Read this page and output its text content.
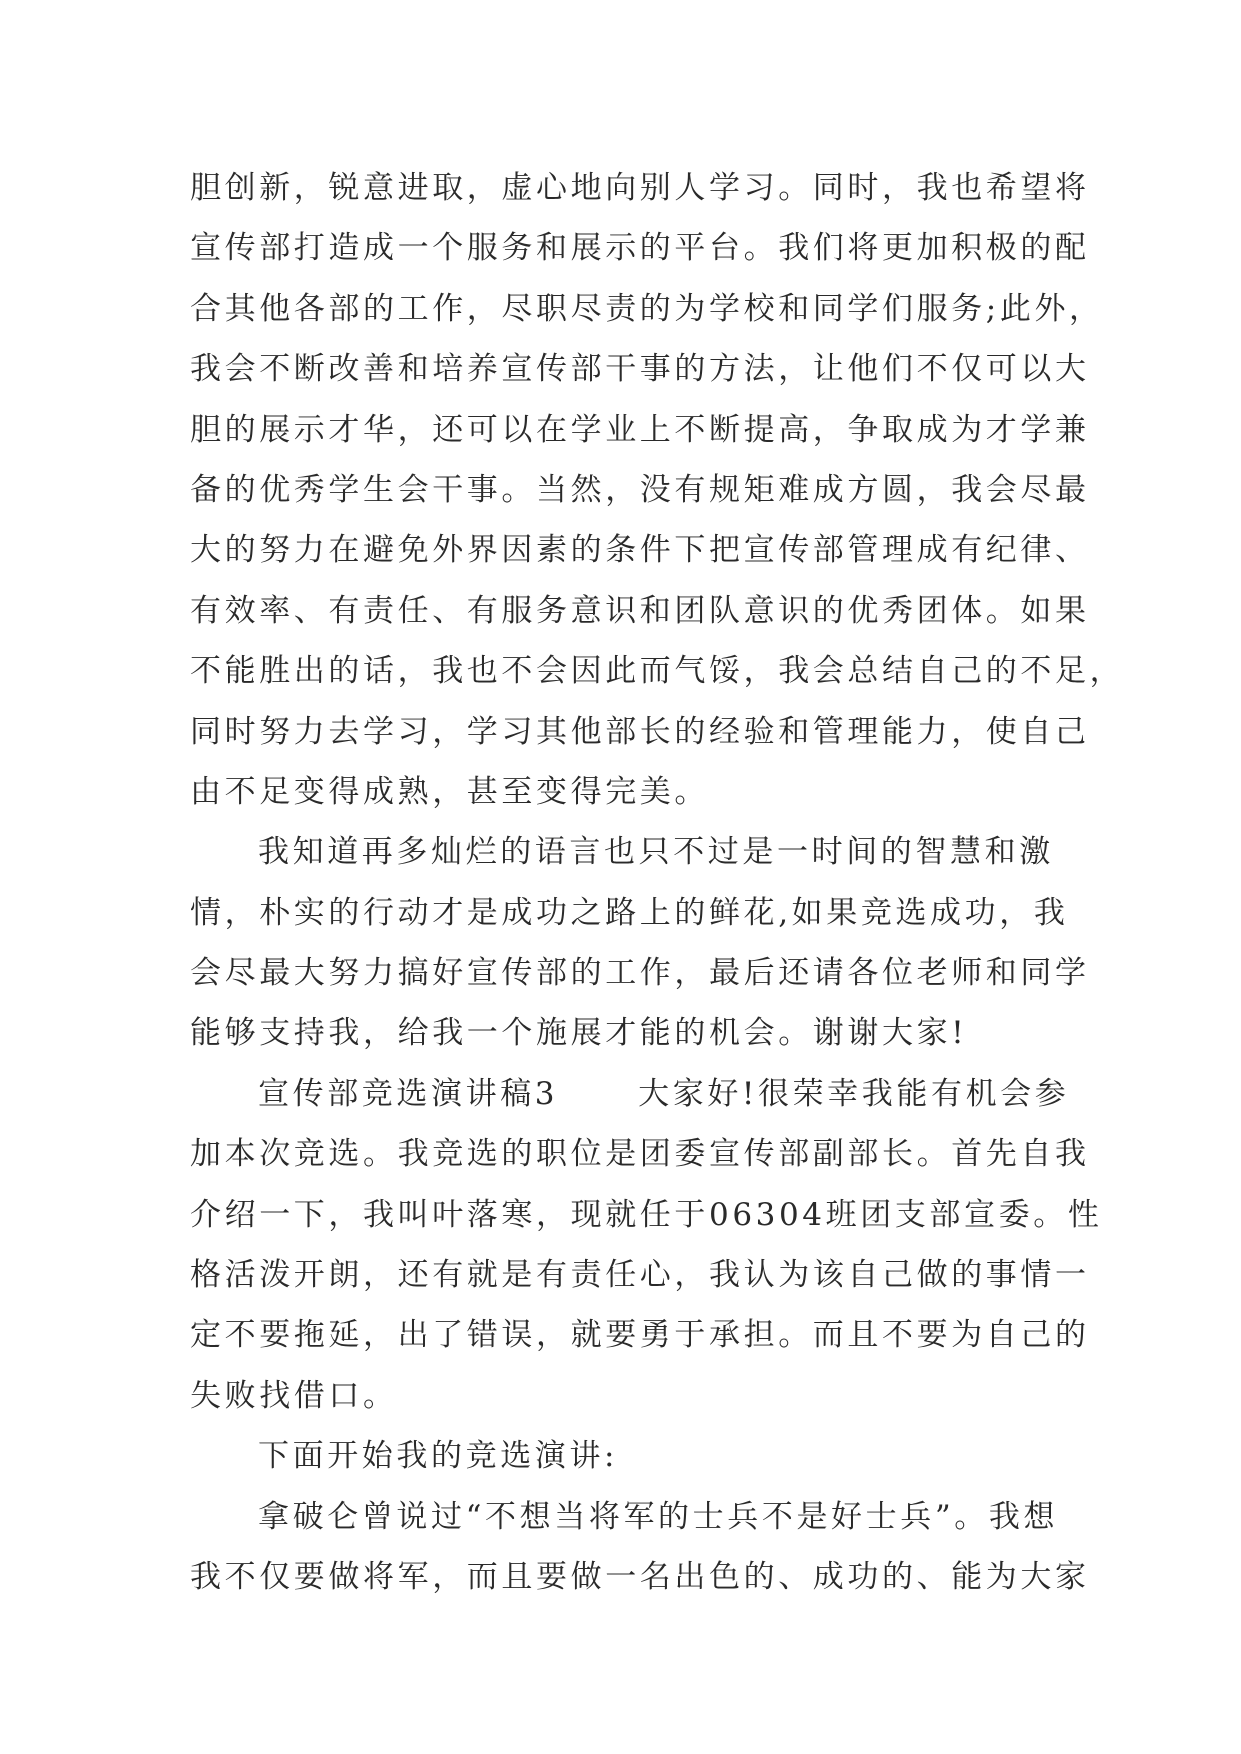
胆创新，锐意进取，虚心地向别人学习。同时，我也希望将
宣传部打造成一个服务和展示的平台。我们将更加积极的配
合其他各部的工作，尽职尽责的为学校和同学们服务;此外，
我会不断改善和培养宣传部干事的方法，让他们不仅可以大
胆的展示才华，还可以在学业上不断提高，争取成为才学兼
备的优秀学生会干事。当然，没有规矩难成方圆，我会尽最
大的努力在避免外界因素的条件下把宣传部管理成有纪律、
有效率、有责任、有服务意识和团队意识的优秀团体。如果
不能胜出的话，我也不会因此而气馁，我会总结自己的不足，
同时努力去学习，学习其他部长的经验和管理能力，使自己
由不足变得成熟，甚至变得完美。
我知道再多灿烂的语言也只不过是一时间的智慧和激
情，朴实的行动才是成功之路上的鲜花,如果竞选成功，我
会尽最大努力搞好宣传部的工作，最后还请各位老师和同学
能够支持我，给我一个施展才能的机会。谢谢大家!
宣传部竞选演讲稿3	大家好!很荣幸我能有机会参
加本次竞选。我竞选的职位是团委宣传部副部长。首先自我
介绍一下，我叫叶落寒，现就任于06304班团支部宣委。性
格活泼开朗，还有就是有责任心，我认为该自己做的事情一
定不要拖延，出了错误，就要勇于承担。而且不要为自己的
失败找借口。
下面开始我的竞选演讲:
拿破仑曾说过“不想当将军的士兵不是好士兵”。我想
我不仅要做将军，而且要做一名出色的、成功的、能为大家
